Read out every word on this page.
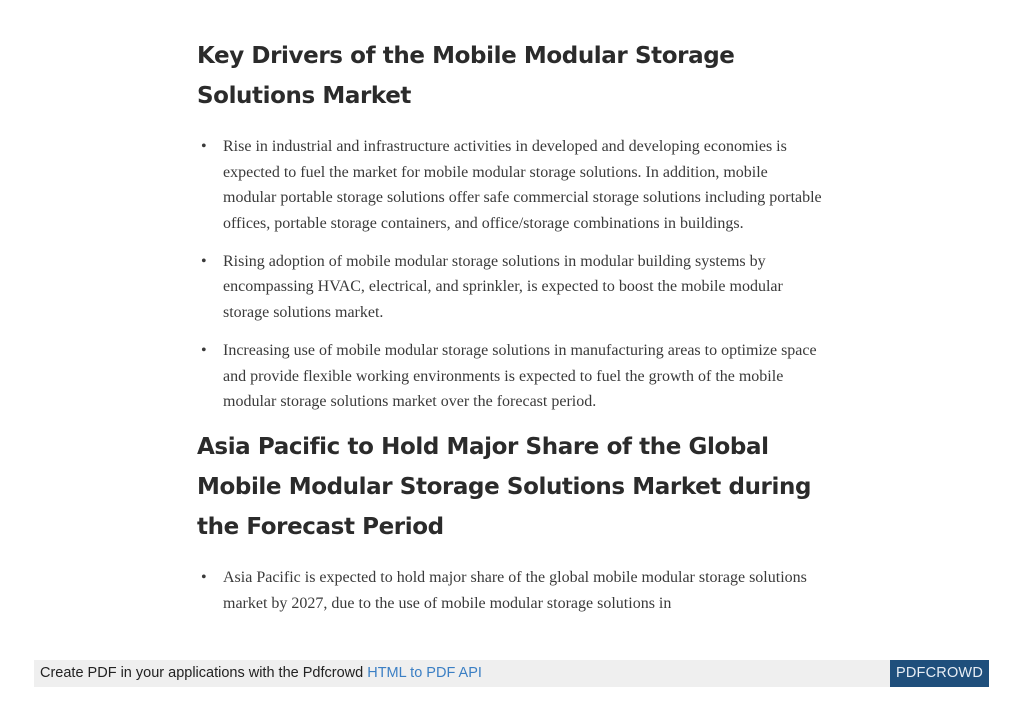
Key Drivers of the Mobile Modular Storage Solutions Market
• Rise in industrial and infrastructure activities in developed and developing economies is expected to fuel the market for mobile modular storage solutions. In addition, mobile modular portable storage solutions offer safe commercial storage solutions including portable offices, portable storage containers, and office/storage combinations in buildings.
• Rising adoption of mobile modular storage solutions in modular building systems by encompassing HVAC, electrical, and sprinkler, is expected to boost the mobile modular storage solutions market.
• Increasing use of mobile modular storage solutions in manufacturing areas to optimize space and provide flexible working environments is expected to fuel the growth of the mobile modular storage solutions market over the forecast period.
Asia Pacific to Hold Major Share of the Global Mobile Modular Storage Solutions Market during the Forecast Period
• Asia Pacific is expected to hold major share of the global mobile modular storage solutions market by 2027, due to the use of mobile modular storage solutions in
Create PDF in your applications with the Pdfcrowd HTML to PDF API	PDFCROWD
